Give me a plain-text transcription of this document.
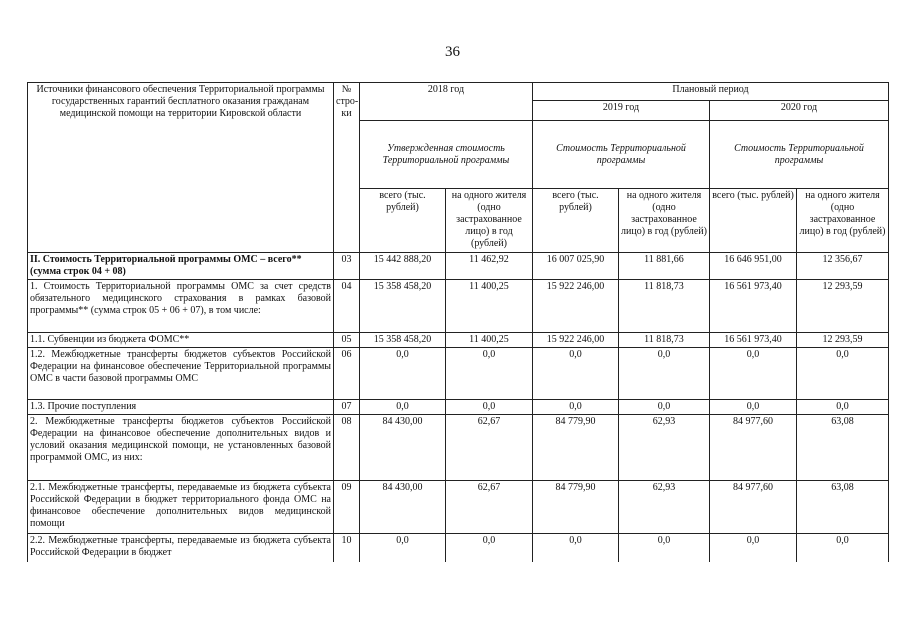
36
Источники финансового обеспечения Территориальной программы государственных гарантий бесплатного оказания гражданам медицинской помощи на территории Кировской области	№ стро-ки	2018 год		Плановый период			
				2019 год		2020 год	
		Утвержденная стоимость Территориальной программы		Стоимость Территориальной программы		Стоимость Территориальной программы	
		всего (тыс. рублей)	на одного жителя (одно застрахованное лицо) в год (рублей)	всего (тыс. рублей)	на одного жителя (одно застрахованное лицо) в год (рублей)	всего (тыс. рублей)	на одного жителя (одно застрахованное лицо) в год (рублей)
II. Стоимость Территориальной программы ОМС – всего** (сумма строк 04 + 08)	03	15 442 888,20	11 462,92	16 007 025,90	11 881,66	16 646 951,00	12 356,67
1. Стоимость Территориальной программы ОМС за счет средств обязательного медицинского страхования в рамках базовой программы** (сумма строк 05 + 06 + 07), в том числе:	04	15 358 458,20	11 400,25	15 922 246,00	11 818,73	16 561 973,40	12 293,59
1.1. Субвенции из бюджета ФОМС**	05	15 358 458,20	11 400,25	15 922 246,00	11 818,73	16 561 973,40	12 293,59
1.2. Межбюджетные трансферты бюджетов субъектов Российской Федерации на финансовое обеспечение Территориальной программы ОМС в части базовой программы ОМС	06	0,0	0,0	0,0	0,0	0,0	0,0
1.3. Прочие поступления	07	0,0	0,0	0,0	0,0	0,0	0,0
2. Межбюджетные трансферты бюджетов субъектов Российской Федерации на финансовое обеспечение дополнительных видов и условий оказания медицинской помощи, не установленных базовой программой ОМС, из них:	08	84 430,00	62,67	84 779,90	62,93	84 977,60	63,08
2.1. Межбюджетные трансферты, передаваемые из бюджета субъекта Российской Федерации в бюджет территориального фонда ОМС на финансовое обеспечение дополнительных видов медицинской помощи	09	84 430,00	62,67	84 779,90	62,93	84 977,60	63,08
2.2. Межбюджетные трансферты, передаваемые из бюджета субъекта Российской Федерации в бюджет	10	0,0	0,0	0,0	0,0	0,0	0,0
